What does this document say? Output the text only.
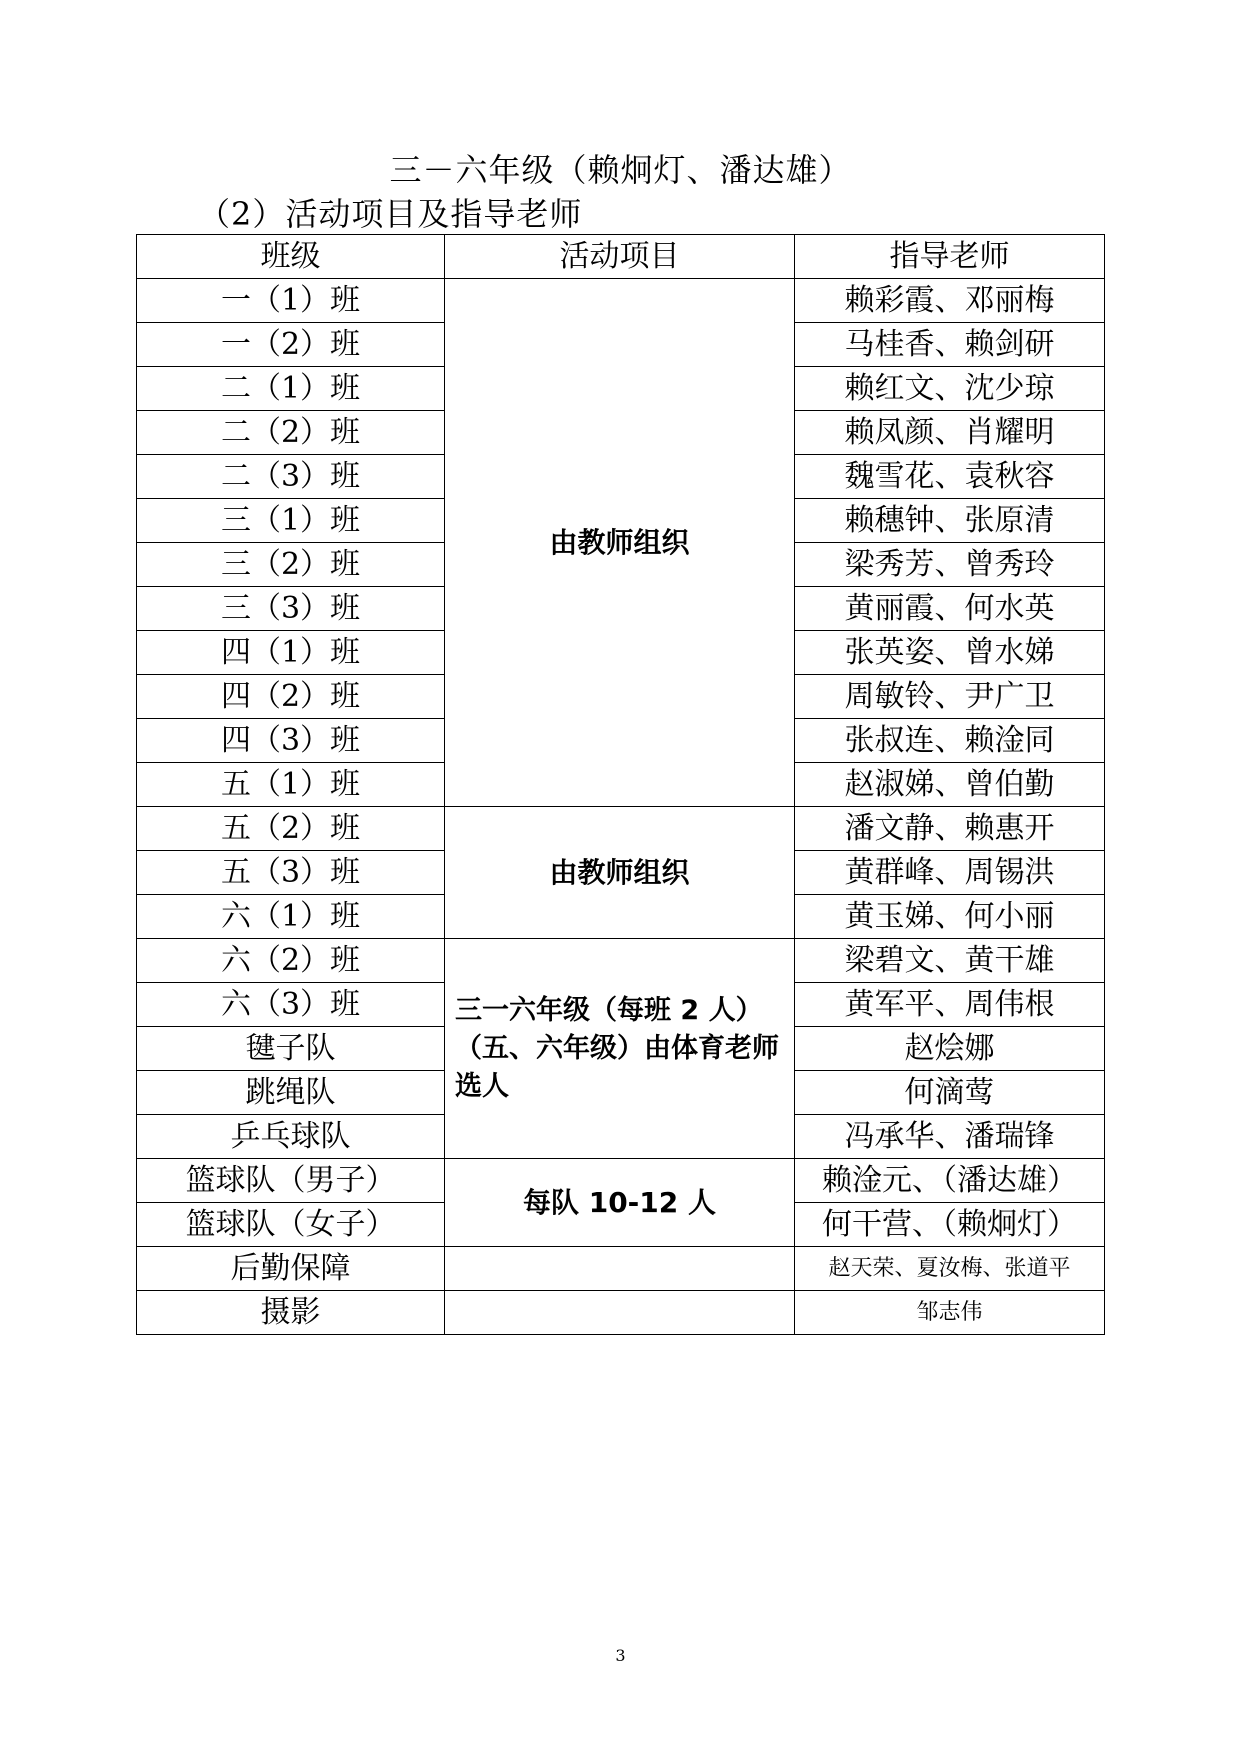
三－六年级（赖炯灯、潘达雄）
（2）活动项目及指导老师
班级	活动项目	指导老师
一（1）班	由教师组织	赖彩霞、邓丽梅
一（2）班		马桂香、赖剑研
二（1）班		赖红文、沈少琼
二（2）班		赖凤颜、肖耀明
二（3）班		魏雪花、袁秋容
三（1）班		赖穗钟、张原清
三（2）班		梁秀芳、曾秀玲
三（3）班		黄丽霞、何水英
四（1）班		张英姿、曾水娣
四（2）班		周敏铃、尹广卫
四（3）班		张叔连、赖淦同
五（1）班		赵淑娣、曾伯勤
五（2）班	由教师组织	潘文静、赖惠开
五（3）班		黄群峰、周锡洪
六（1）班		黄玉娣、何小丽
六（2）班	三一六年级（每班 2 人）（五、六年级）由体育老师选人	梁碧文、黄干雄
六（3）班		黄军平、周伟根
毽子队		赵烩娜
跳绳队		何滴莺
乒乓球队		冯承华、潘瑞锋
篮球队（男子）	每队 10-12 人	赖淦元、（潘达雄）
篮球队（女子）		何干营、（赖炯灯）
后勤保障		赵天荣、夏汝梅、张道平
摄影		邹志伟
3
